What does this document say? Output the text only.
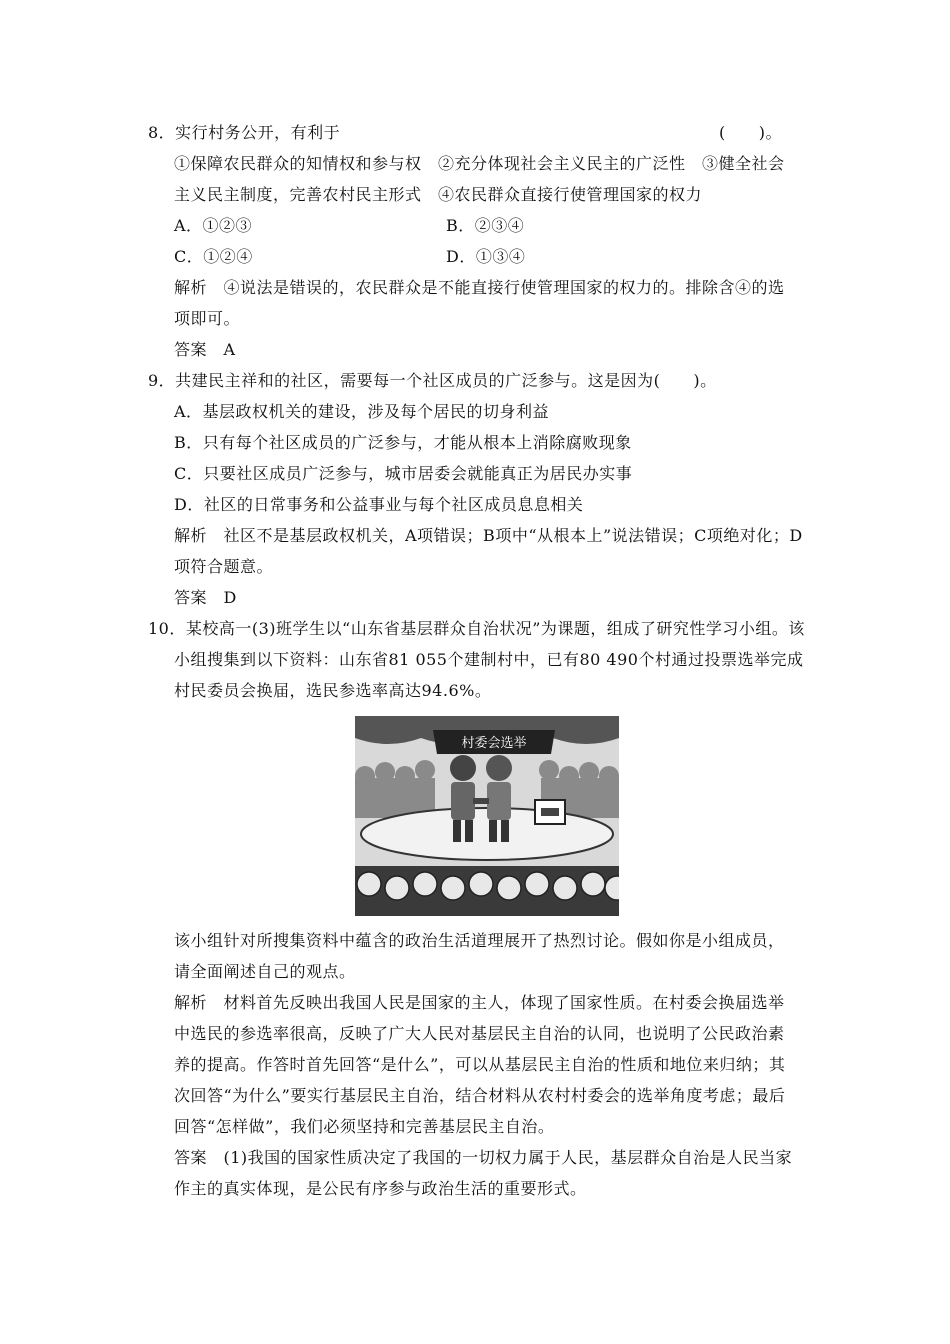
8．实行村务公开，有利于	(　　)。
①保障农民群众的知情权和参与权　②充分体现社会主义民主的广泛性　③健全社会
主义民主制度，完善农村民主形式　④农民群众直接行使管理国家的权力
A．①②③	B．②③④
C．①②④	D．①③④
解析　④说法是错误的，农民群众是不能直接行使管理国家的权力的。排除含④的选
项即可。
答案　A
9．共建民主祥和的社区，需要每一个社区成员的广泛参与。这是因为(　　)。
A．基层政权机关的建设，涉及每个居民的切身利益
B．只有每个社区成员的广泛参与，才能从根本上消除腐败现象
C．只要社区成员广泛参与，城市居委会就能真正为居民办实事
D．社区的日常事务和公益事业与每个社区成员息息相关
解析　社区不是基层政权机关，A项错误；B项中“从根本上”说法错误；C项绝对化；D
项符合题意。
答案　D
10．某校高一(3)班学生以“山东省基层群众自治状况”为课题，组成了研究性学习小组。该
小组搜集到以下资料：山东省81 055个建制村中，已有80 490个村通过投票选举完成
村民委员会换届，选民参选率高达94.6%。
村委会选举
该小组针对所搜集资料中蕴含的政治生活道理展开了热烈讨论。假如你是小组成员，
请全面阐述自己的观点。
解析　材料首先反映出我国人民是国家的主人，体现了国家性质。在村委会换届选举
中选民的参选率很高，反映了广大人民对基层民主自治的认同，也说明了公民政治素
养的提高。作答时首先回答“是什么”，可以从基层民主自治的性质和地位来归纳；其
次回答“为什么”要实行基层民主自治，结合材料从农村村委会的选举角度考虑；最后
回答“怎样做”，我们必须坚持和完善基层民主自治。
答案　(1)我国的国家性质决定了我国的一切权力属于人民，基层群众自治是人民当家
作主的真实体现，是公民有序参与政治生活的重要形式。
